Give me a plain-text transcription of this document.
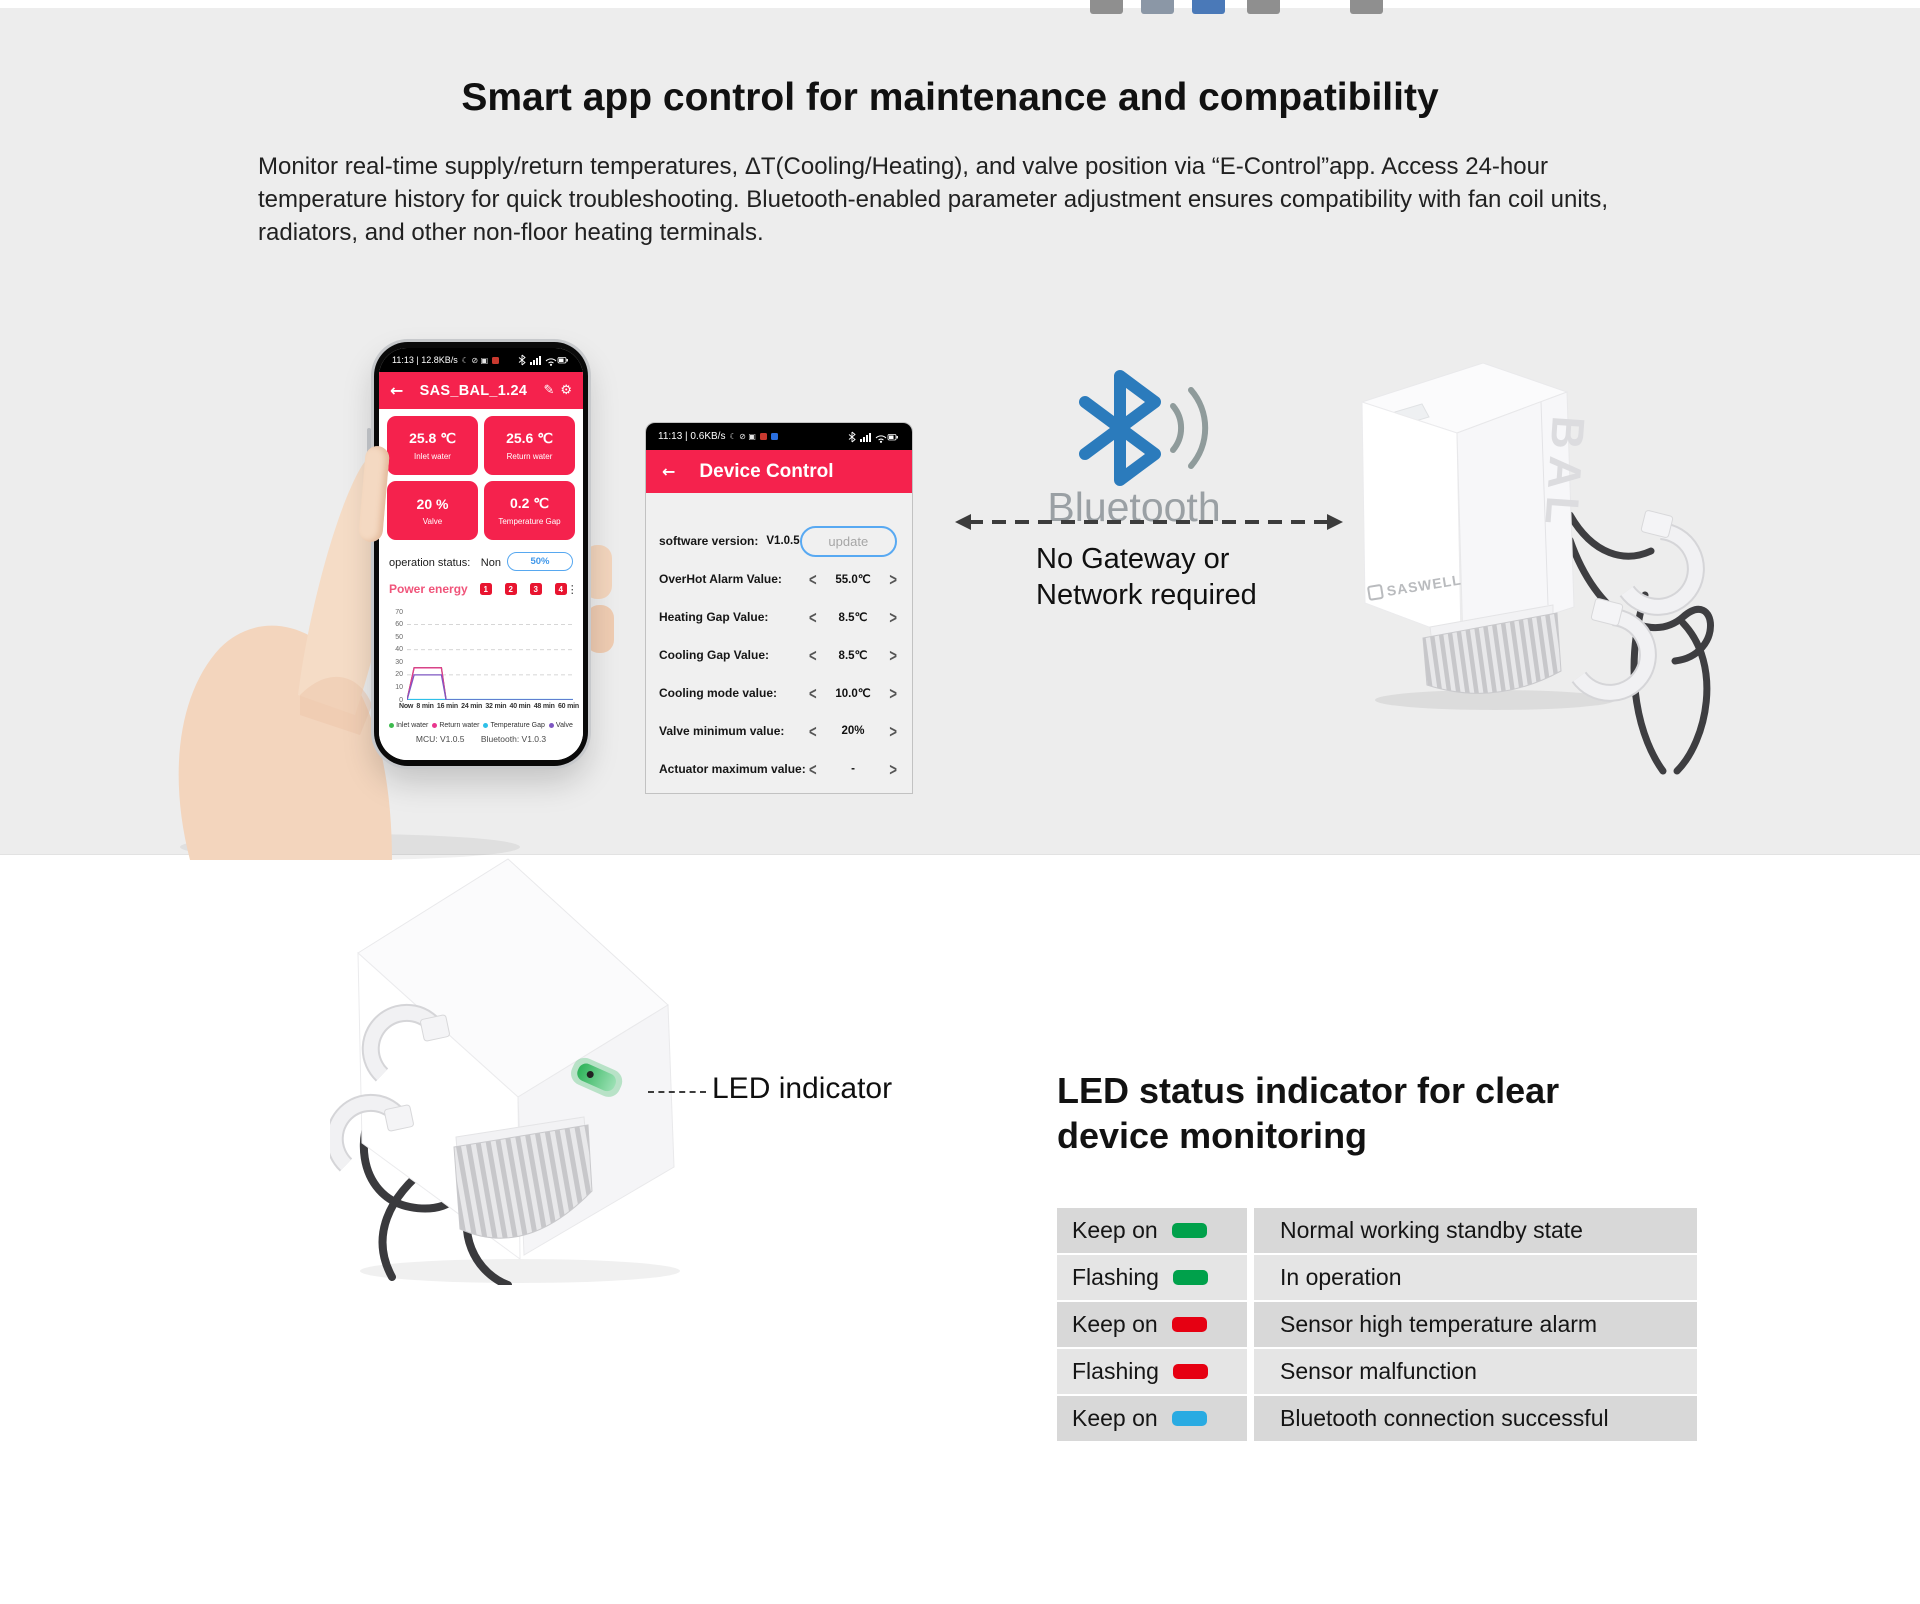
Smart app control for maintenance and compatibility
Monitor real-time supply/return temperatures, ΔT(Cooling/Heating), and valve position via “E-Control”app. Access 24-hour
temperature history for quick troubleshooting. Bluetooth-enabled parameter adjustment ensures compatibility with fan coil units,
radiators, and other non-floor heating terminals.
11:13 | 12.8KB/s ☾ ⊘ ▣
←	SAS_BAL_1.24	✎ ⚙
25.8 ℃
Inlet water
25.6 ℃
Return water
20 %
Valve
0.2 ℃
Temperature Gap
operation status: Non	50%
Power energy	1	2	3	4 ⋮
Now 8 min 16 min 24 min 32 min 40 min 48 min 60 min
70
60
50
40
30
20
10
0
Inlet water Return water Temperature Gap Valve
MCU: V1.0.5 Bluetooth: V1.0.3
11:13 | 0.6KB/s ☾ ⊘ ▣
← Device Control
software version: V1.0.5	update
OverHot Alarm Value: < 55.0℃ >
Heating Gap Value:	< 8.5℃ >
Cooling Gap Value:	< 8.5℃ >
Cooling mode value: < 10.0℃ >
Valve minimum value: < 20% >
Actuator maximum value: <	-	>
Bluetooth
No Gateway or
Network required
BAL
SASWELL
LED indicator	LED status indicator for clear
device monitoring
Keep on	Normal working standby state
Flashing	In operation
Keep on	Sensor high temperature alarm
Flashing	Sensor malfunction
Keep on	Bluetooth connection successful
